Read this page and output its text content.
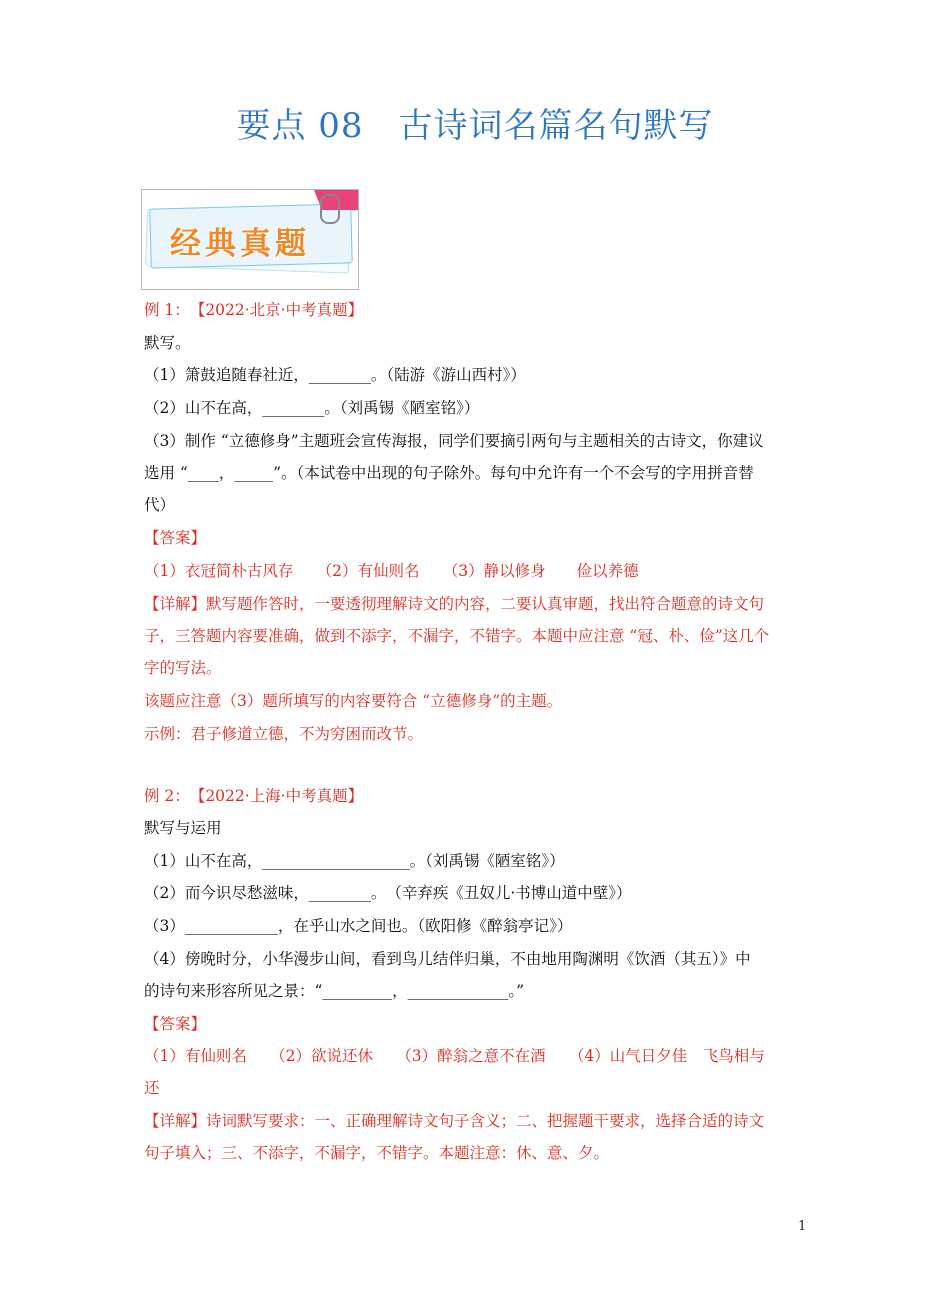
要点 08　古诗词名篇名句默写
经典真题
例 1：　 【2022·北京·中考真题】
默写。
（1）箫鼓追随春社近，________。（陆游《游山西村》）
（2）山不在高，________。（刘禹锡《陋室铭》）
（3）制作 “立德修身”主题班会宣传海报，同学们要摘引两句与主题相关的古诗文，你建议
选用 “____，_____”。（本试卷中出现的句子除外。每句中允许有一个不会写的字用拼音替
代）
【答案】
（1）衣冠简朴古风存　　（2）有仙则名　　（3）静以修身　　俭以养德
【详解】默写题作答时，一要透彻理解诗文的内容，二要认真审题，找出符合题意的诗文句
子，三答题内容要准确，做到不添字，不漏字，不错字。本题中应注意 “冠、朴、俭”这几个
字的写法。
该题应注意（3）题所填写的内容要符合 “立德修身”的主题。
示例：君子修道立德，不为穷困而改节。
例 2：　 【2022·上海·中考真题】
默写与运用
（1）山不在高，___________________。（刘禹锡《陋室铭》）
（2）而今识尽愁滋味，________。　（辛弃疾《丑奴儿·书博山道中壁》）
（3）____________，在乎山水之间也。（欧阳修《醉翁亭记》）
（4）傍晚时分，小华漫步山间，看到鸟儿结伴归巢，不由地用陶渊明《饮酒（其五）》中
的诗句来形容所见之景：“_________，_____________。”
【答案】
（1）有仙则名　　（2）欲说还休　　（3）醉翁之意不在酒　　（4）山气日夕佳　飞鸟相与
还
【详解】诗词默写要求：一、正确理解诗文句子含义；二、把握题干要求，选择合适的诗文
句子填入；三、不添字，不漏字，不错字。本题注意：休、意、夕。
1
